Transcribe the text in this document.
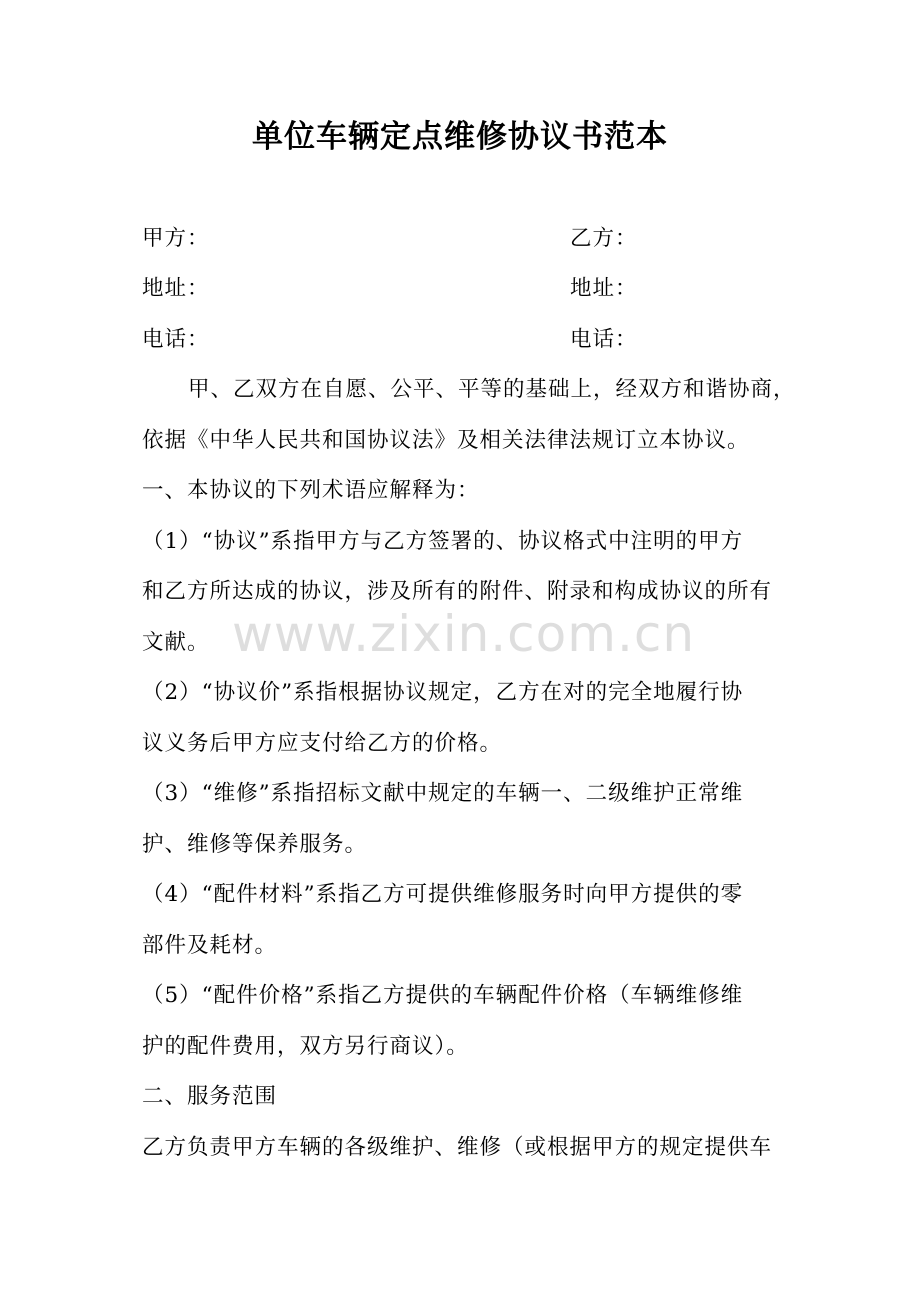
单位车辆定点维修协议书范本
甲方：	乙方：
地址：	地址：
电话：	电话：
甲、乙双方在自愿、公平、平等的基础上，经双方和谐协商，
依据《中华人民共和国协议法》及相关法律法规订立本协议。
一、本协议的下列术语应解释为：
（1）“协议”系指甲方与乙方签署的、协议格式中注明的甲方
和乙方所达成的协议，涉及所有的附件、附录和构成协议的所有
文献。
（2）“协议价”系指根据协议规定，乙方在对的完全地履行协
议义务后甲方应支付给乙方的价格。
（3）“维修”系指招标文献中规定的车辆一、二级维护正常维
护、维修等保养服务。
（4）“配件材料”系指乙方可提供维修服务时向甲方提供的零
部件及耗材。
（5）“配件价格”系指乙方提供的车辆配件价格（车辆维修维
护的配件费用，双方另行商议）。
二、服务范围
乙方负责甲方车辆的各级维护、维修（或根据甲方的规定提供车
www.zixin.com.cn
